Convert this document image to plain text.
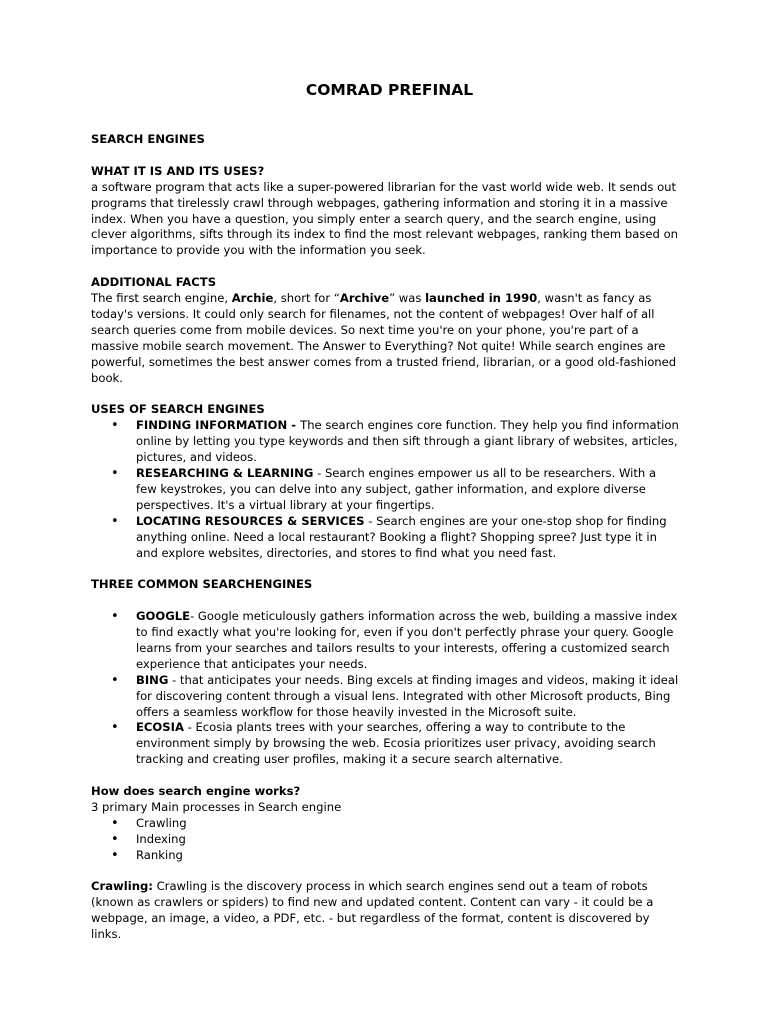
COMRAD PREFINAL

SEARCH ENGINES

WHAT IT IS AND ITS USES?

a software program that acts like a super-powered librarian for the vast world wide web. It sends out programs that tirelessly crawl through webpages, gathering information and storing it in a massive index. When you have a question, you simply enter a search query, and the search engine, using clever algorithms, sifts through its index to find the most relevant webpages, ranking them based on importance to provide you with the information you seek.

ADDITIONAL FACTS

The first search engine, Archie, short for “Archive” was launched in 1990, wasn't as fancy as today's versions. It could only search for filenames, not the content of webpages! Over half of all search queries come from mobile devices. So next time you're on your phone, you're part of a massive mobile search movement. The Answer to Everything? Not quite! While search engines are powerful, sometimes the best answer comes from a trusted friend, librarian, or a good old-fashioned book.

USES OF SEARCH ENGINES

• FINDING INFORMATION - The search engines core function. They help you find information online by letting you type keywords and then sift through a giant library of websites, articles, pictures, and videos.
• RESEARCHING & LEARNING - Search engines empower us all to be researchers. With a few keystrokes, you can delve into any subject, gather information, and explore diverse perspectives. It's a virtual library at your fingertips.
• LOCATING RESOURCES & SERVICES - Search engines are your one-stop shop for finding anything online. Need a local restaurant? Booking a flight? Shopping spree? Just type it in and explore websites, directories, and stores to find what you need fast.

THREE COMMON SEARCHENGINES

• GOOGLE- Google meticulously gathers information across the web, building a massive index to find exactly what you're looking for, even if you don't perfectly phrase your query. Google learns from your searches and tailors results to your interests, offering a customized search experience that anticipates your needs.
• BING - that anticipates your needs. Bing excels at finding images and videos, making it ideal for discovering content through a visual lens. Integrated with other Microsoft products, Bing offers a seamless workflow for those heavily invested in the Microsoft suite.
• ECOSIA - Ecosia plants trees with your searches, offering a way to contribute to the environment simply by browsing the web. Ecosia prioritizes user privacy, avoiding search tracking and creating user profiles, making it a secure search alternative.

How does search engine works?

3 primary Main processes in Search engine

• Crawling
• Indexing
• Ranking

Crawling: Crawling is the discovery process in which search engines send out a team of robots (known as crawlers or spiders) to find new and updated content. Content can vary - it could be a webpage, an image, a video, a PDF, etc. - but regardless of the format, content is discovered by links.
